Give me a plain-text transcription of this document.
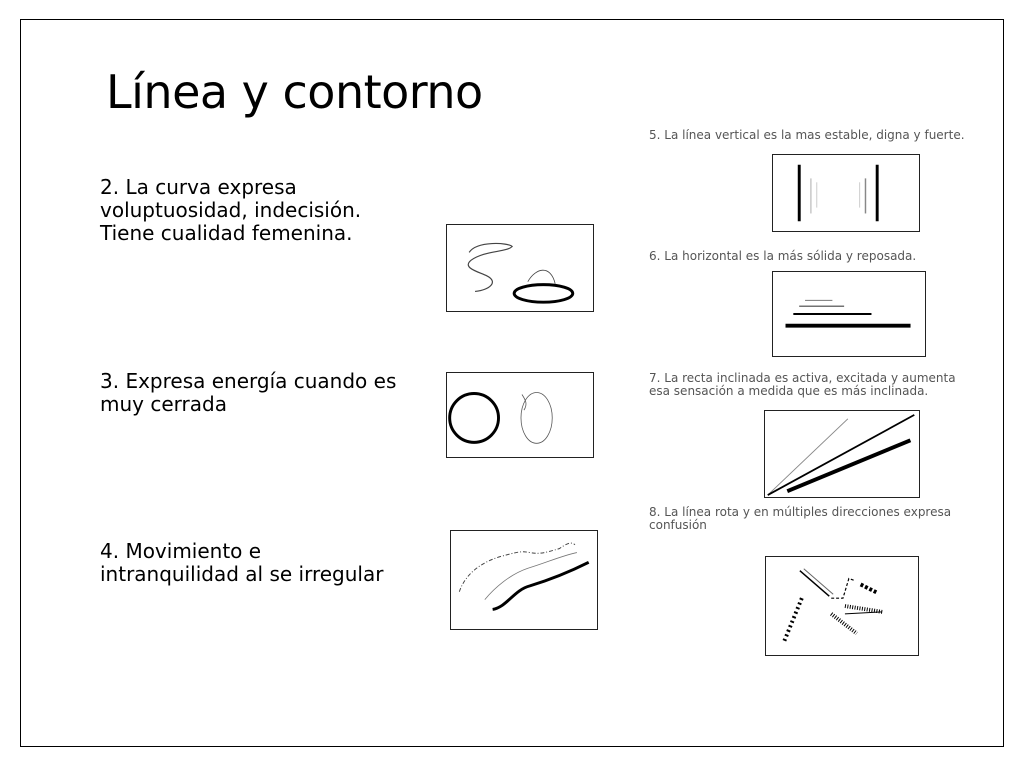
Línea y contorno
2. La curva expresa
voluptuosidad, indecisión.
Tiene cualidad femenina.
3. Expresa energía cuando es
muy cerrada
4. Movimiento e
intranquilidad al se irregular
5. La línea vertical es la mas estable, digna y fuerte.
6. La horizontal es la más sólida y reposada.
7. La recta inclinada es activa, excitada y aumenta
esa sensación a medida que es más inclinada.
8. La línea rota y en múltiples direcciones expresa
confusión
